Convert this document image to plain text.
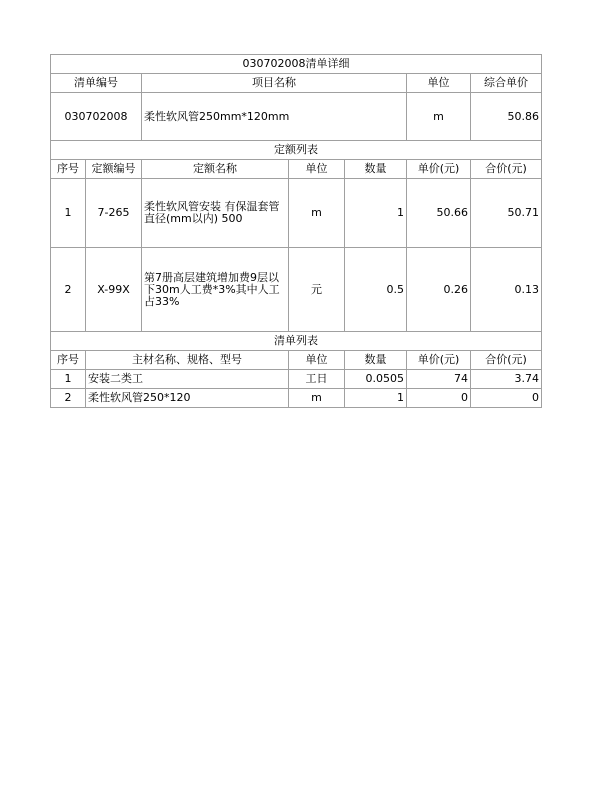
030702008清单详细						
清单编号		项目名称			单位	综合单价
030702008		柔性软风管250mm*120mm			m	50.86
定额列表						
序号	定额编号	定额名称	单位	数量	单价(元)	合价(元)
1	7-265	柔性软风管安装 有保温套管直径(mm以内) 500	m	1	50.66	50.71
2	X-99X	第7册高层建筑增加费9层以下30m人工费*3%其中人工占33%	元	0.5	0.26	0.13
清单列表						
序号	主材名称、规格、型号		单位	数量	单价(元)	合价(元)
1	安装二类工		工日	0.0505	74	3.74
2	柔性软风管250*120		m	1	0	0
